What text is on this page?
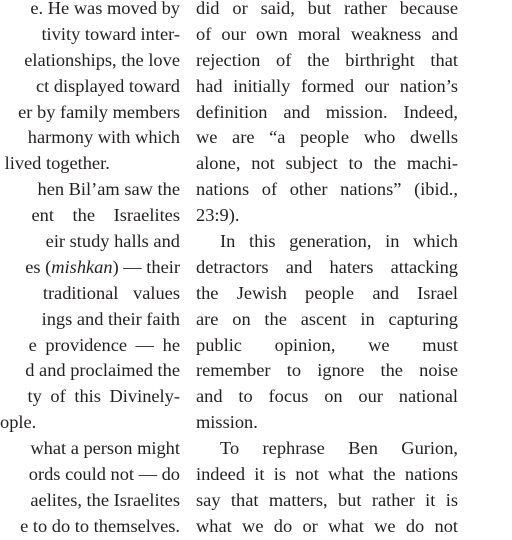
e. He was moved by
tivity toward inter-
elationships, the love
ct displayed toward
er by family members
harmony with which
lived together.
hen Bil’am saw the
ent the Israelites
eir study halls and
es (mishkan) — their
traditional values
ings and their faith
e providence — he
d and proclaimed the
ty of this Divinely-
ople.
what a person might
ords could not — do
aelites, the Israelites
e to do to themselves.
did or said, but rather because
of our own moral weakness and
rejection of the birthright that
had initially formed our nation’s
definition and mission. Indeed,
we are “a people who dwells
alone, not subject to the machi-
nations of other nations” (ibid.,
23:9).
In this generation, in which
detractors and haters attacking
the Jewish people and Israel
are on the ascent in capturing
public opinion, we must
remember to ignore the noise
and to focus on our national
mission.
To rephrase Ben Gurion,
indeed it is not what the nations
say that matters, but rather it is
what we do or what we do not
